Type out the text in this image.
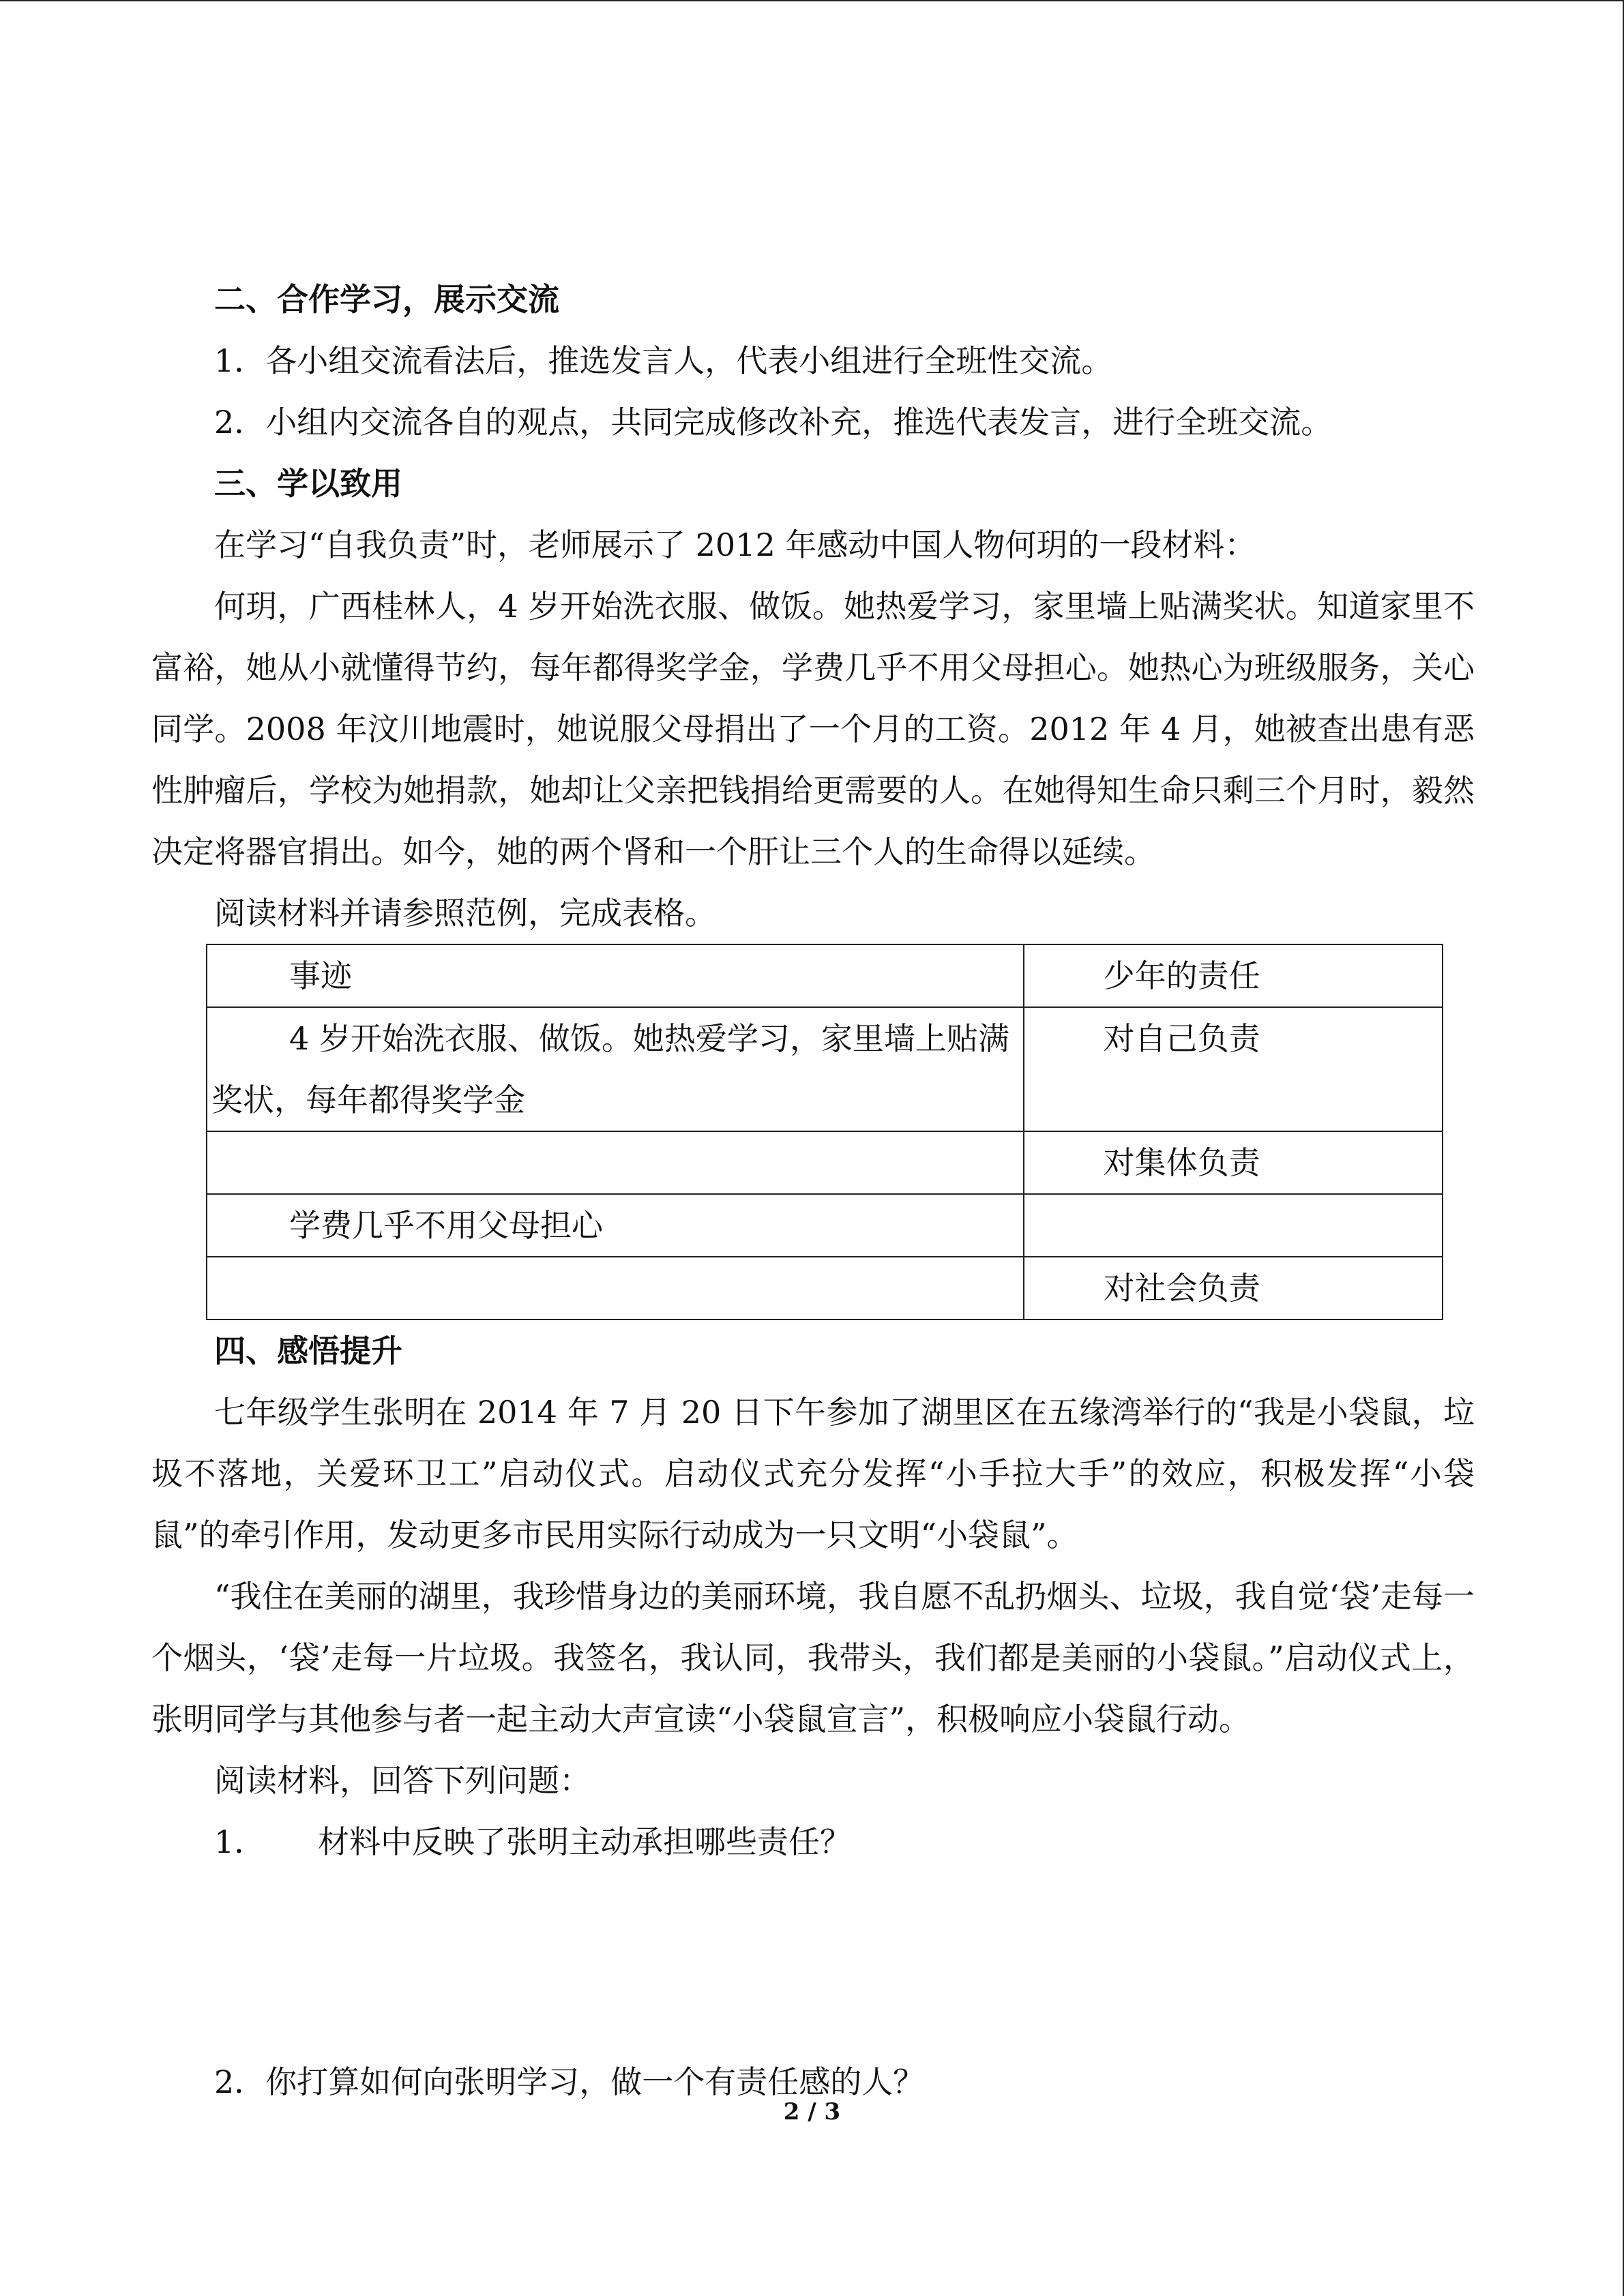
二、合作学习，展示交流
1．各小组交流看法后，推选发言人，代表小组进行全班性交流。
2．小组内交流各自的观点，共同完成修改补充，推选代表发言，进行全班交流。
三、学以致用
在学习“自我负责”时，老师展示了 2012 年感动中国人物何玥的一段材料：

何玥，广西桂林人，4 岁开始洗衣服、做饭。她热爱学习，家里墙上贴满奖状。知道家里不富裕，她从小就懂得节约，每年都得奖学金，学费几乎不用父母担心。她热心为班级服务，关心同学。2008 年汶川地震时，她说服父母捐出了一个月的工资。2012 年 4 月，她被查出患有恶性肿瘤后，学校为她捐款，她却让父亲把钱捐给更需要的人。在她得知生命只剩三个月时，毅然决定将器官捐出。如今，她的两个肾和一个肝让三个人的生命得以延续。

阅读材料并请参照范例，完成表格。
事迹	少年的责任
4 岁开始洗衣服、做饭。她热爱学习，家里墙上贴满奖状，每年都得奖学金	对自己负责
	对集体负责
学费几乎不用父母担心	
	对社会负责
四、感悟提升

七年级学生张明在 2014 年 7 月 20 日下午参加了湖里区在五缘湾举行的“我是小袋鼠，垃圾不落地，关爱环卫工”启动仪式。启动仪式充分发挥“小手拉大手”的效应，积极发挥“小袋鼠”的牵引作用，发动更多市民用实际行动成为一只文明“小袋鼠”。

“我住在美丽的湖里，我珍惜身边的美丽环境，我自愿不乱扔烟头、垃圾，我自觉‘袋’走每一个烟头，‘袋’走每一片垃圾。我签名，我认同，我带头，我们都是美丽的小袋鼠。”启动仪式上，张明同学与其他参与者一起主动大声宣读“小袋鼠宣言”，积极响应小袋鼠行动。

阅读材料，回答下列问题：
1． 材料中反映了张明主动承担哪些责任？
2．你打算如何向张明学习，做一个有责任感的人？
2 / 3
